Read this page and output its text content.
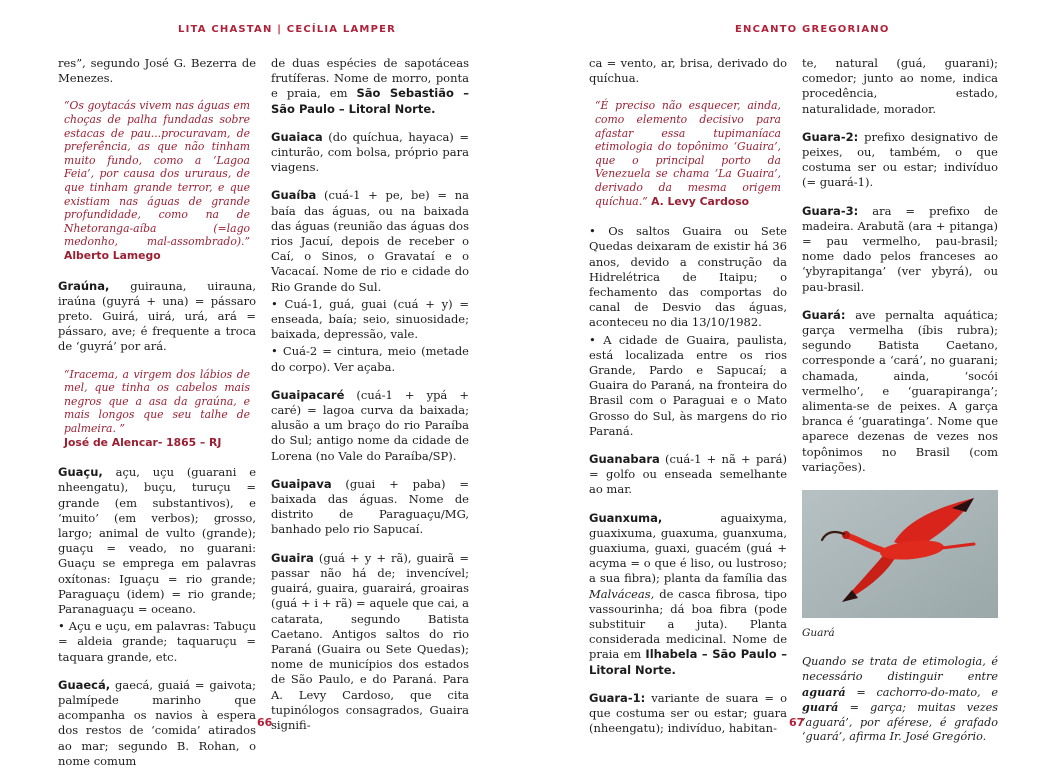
LITA CHASTAN | CECÍLIA LAMPER

res”, segundo José G. Bezerra de Menezes.

“Os goytacás vivem nas águas em choças de palha fundadas sobre estacas de pau...procuravam, de preferência, as que não tinham muito fundo, como a ‘Lagoa Feia’, por causa dos ururaus, de que tinham grande terror, e que existiam nas águas de grande profundidade, como na de Nhetoranga-aíba (=lago medonho, mal-assombrado).” Alberto Lamego

Graúna, guirauna, uirauna, iraúna (guyrá + una) = pássaro preto. Guirá, uirá, urá, ará = pássaro, ave; é frequente a troca de ‘guyrá’ por ará.

“Iracema, a virgem dos lábios de mel, que tinha os cabelos mais negros que a asa da graúna, e mais longos que seu talhe de palmeira. ”
José de Alencar- 1865 – RJ

Guaçu, açu, uçu (guarani e nheengatu), buçu, turuçu = grande (em substantivos), e ‘muito’ (em verbos); grosso, largo; animal de vulto (grande); guaçu = veado, no guarani: Guaçu se emprega em palavras oxítonas: Iguaçu = rio grande; Paraguaçu (idem) = rio grande; Paranaguaçu = oceano.

• Açu e uçu, em palavras: Tabuçu = aldeia grande; taquaruçu = taquara grande, etc.

Guaecá, gaecá, guaiá = gaivota; palmípede marinho que acompanha os navios à espera dos restos de ‘comida’ atirados ao mar; segundo B. Rohan, o nome comum

de duas espécies de sapotáceas frutíferas. Nome de morro, ponta e praia, em São Sebastião – São Paulo – Litoral Norte.

Guaiaca (do quíchua, hayaca) = cinturão, com bolsa, próprio para viagens.

Guaíba (cuá-1 + pe, be) = na baía das águas, ou na baixada das águas (reunião das águas dos rios Jacuí, depois de receber o Caí, o Sinos, o Gravataí e o Vacacaí. Nome de rio e cidade do Rio Grande do Sul.

• Cuá-1, guá, guai (cuá + y) = enseada, baía; seio, sinuosidade; baixada, depressão, vale.

• Cuá-2 = cintura, meio (metade do corpo). Ver açaba.

Guaipacaré (cuá-1 + ypá + caré) = lagoa curva da baixada; alusão a um braço do rio Paraíba do Sul; antigo nome da cidade de Lorena (no Vale do Paraíba/SP).

Guaipava (guai + paba) = baixada das águas. Nome de distrito de Paraguaçu/MG, banhado pelo rio Sapucaí.

Guaira (guá + y + rã), guairã = passar não há de; invencível; guairá, guaira, guarairá, groairas (guá + i + rã) = aquele que cai, a catarata, segundo Batista Caetano. Antigos saltos do rio Paraná (Guaira ou Sete Quedas); nome de municípios dos estados de São Paulo, e do Paraná. Para A. Levy Cardoso, que cita tupinólogos consagrados, Guaira signifi-

66
ENCANTO GREGORIANO

ca = vento, ar, brisa, derivado do quíchua.

“É preciso não esquecer, ainda, como elemento decisivo para afastar essa tupimaníaca etimologia do topônimo ‘Guaira’, que o principal porto da Venezuela se chama ‘La Guaira’, derivado da mesma origem quíchua.” A. Levy Cardoso

• Os saltos Guaira ou Sete Quedas deixaram de existir há 36 anos, devido a construção da Hidrelétrica de Itaipu; o fechamento das comportas do canal de Desvio das águas, aconteceu no dia 13/10/1982.

• A cidade de Guaira, paulista, está localizada entre os rios Grande, Pardo e Sapucaí; a Guaira do Paraná, na fronteira do Brasil com o Paraguai e o Mato Grosso do Sul, às margens do rio Paraná.

Guanabara (cuá-1 + nã + pará) = golfo ou enseada semelhante ao mar.

Guanxuma, aguaixyma, guaxixuma, guaxuma, guanxuma, guaxiuma, guaxi, guacém (guá + acyma = o que é liso, ou lustroso; a sua fibra); planta da família das Malváceas, de casca fibrosa, tipo vassourinha; dá boa fibra (pode substituir a juta). Planta considerada medicinal. Nome de praia em Ilhabela – São Paulo – Litoral Norte.

Guara-1: variante de suara = o que costuma ser ou estar; guara (nheengatu); indivíduo, habitan-

te, natural (guá, guarani); comedor; junto ao nome, indica procedência, estado, naturalidade, morador.

Guara-2: prefixo designativo de peixes, ou, também, o que costuma ser ou estar; indivíduo (= guará-1).

Guara-3: ara = prefixo de madeira. Arabutã (ara + pitanga) = pau vermelho, pau-brasil; nome dado pelos franceses ao ‘ybyrapitanga’ (ver ybyrá), ou pau-brasil.

Guará: ave pernalta aquática; garça vermelha (íbis rubra); segundo Batista Caetano, corresponde a ‘cará’, no guarani; chamada, ainda, ‘socói vermelho’, e ‘guarapiranga’; alimenta-se de peixes. A garça branca é ‘guaratinga’. Nome que aparece dezenas de vezes nos topônimos no Brasil (com variações).

Guará

Quando se trata de etimologia, é necessário distinguir entre aguará = cachorro-do-mato, e guará = garça; muitas vezes ‘aguará’, por aférese, é grafado ‘guará’, afirma Ir. José Gregório.

67
